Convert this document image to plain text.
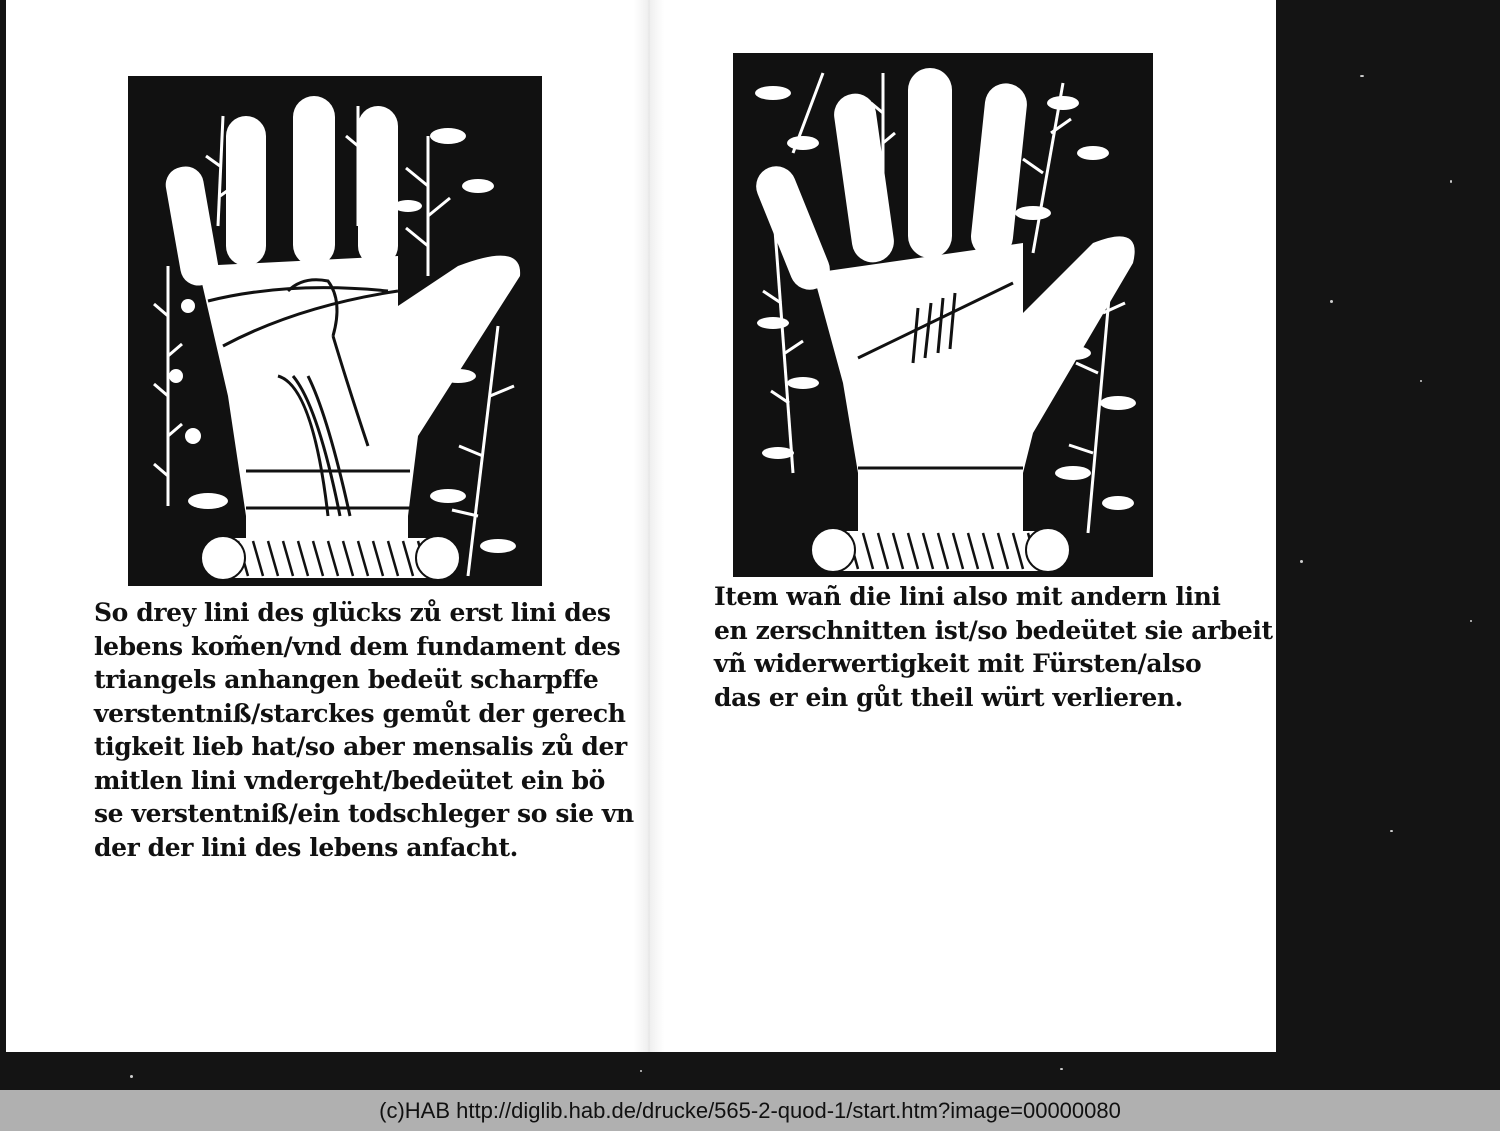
So drey lini des glücks zů erst lini des
lebens kom̃en/vnd dem fundament des
triangels anhangen bedeüt scharpffe
verstentniß/starckes gemůt der gerech
tigkeit lieb hat/so aber mensalis zů der
mitlen lini vndergeht/bedeütet ein bö
se verstentniß/ein todschleger so sie vn
der der lini des lebens anfacht.
Item wañ die lini also mit andern lini
en zerschnitten ist/so bedeütet sie arbeit
vñ widerwertigkeit mit Fürsten/also
das er ein gůt theil würt verlieren.
(c)HAB http://diglib.hab.de/drucke/565-2-quod-1/start.htm?image=00000080
